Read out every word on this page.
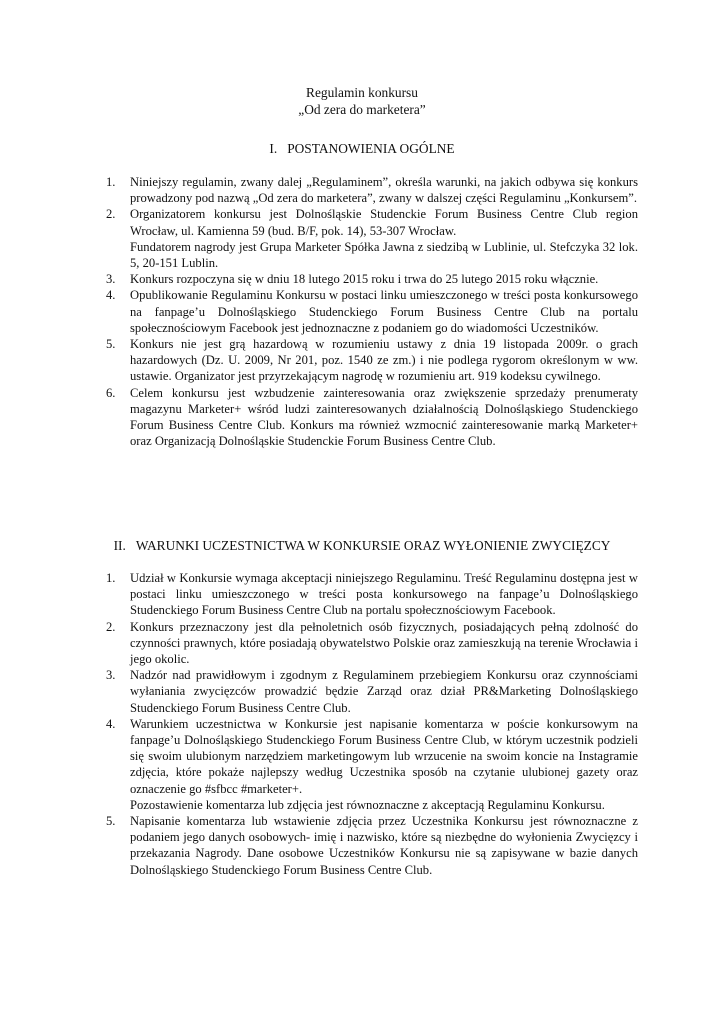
Regulamin konkursu
„Od zera do marketera”
I. POSTANOWIENIA OGÓLNE
1.	Niniejszy regulamin, zwany dalej „Regulaminem”, określa warunki, na jakich odbywa się konkurs prowadzony pod nazwą „Od zera do marketera”, zwany w dalszej części Regulaminu „Konkursem”.
2.	Organizatorem konkursu jest Dolnośląskie Studenckie Forum Business Centre Club region Wrocław, ul. Kamienna 59 (bud. B/F, pok. 14), 53-307 Wrocław.
Fundatorem nagrody jest Grupa Marketer Spółka Jawna z siedzibą w Lublinie, ul. Stefczyka 32 lok. 5, 20-151 Lublin.
3.	Konkurs rozpoczyna się w dniu 18 lutego 2015 roku i trwa do 25 lutego 2015 roku włącznie.
4.	Opublikowanie Regulaminu Konkursu w postaci linku umieszczonego w treści posta konkursowego na fanpage’u Dolnośląskiego Studenckiego Forum Business Centre Club na portalu społecznościowym Facebook jest jednoznaczne z podaniem go do wiadomości Uczestników.
5.	Konkurs nie jest grą hazardową w rozumieniu ustawy z dnia 19 listopada 2009r. o grach hazardowych (Dz. U. 2009, Nr 201, poz. 1540 ze zm.) i nie podlega rygorom określonym w ww. ustawie. Organizator jest przyrzekającym nagrodę w rozumieniu art. 919 kodeksu cywilnego.
6.	Celem konkursu jest wzbudzenie zainteresowania oraz zwiększenie sprzedaży prenumeraty magazynu Marketer+ wśród ludzi zainteresowanych działalnością Dolnośląskiego Studenckiego Forum Business Centre Club. Konkurs ma również wzmocnić zainteresowanie marką Marketer+ oraz Organizacją Dolnośląskie Studenckie Forum Business Centre Club.
II. WARUNKI UCZESTNICTWA W KONKURSIE ORAZ WYŁONIENIE ZWYCIĘZCY
1.	Udział w Konkursie wymaga akceptacji niniejszego Regulaminu. Treść Regulaminu dostępna jest w postaci linku umieszczonego w treści posta konkursowego na fanpage’u Dolnośląskiego Studenckiego Forum Business Centre Club na portalu społecznościowym Facebook.
2.	Konkurs przeznaczony jest dla pełnoletnich osób fizycznych, posiadających pełną zdolność do czynności prawnych, które posiadają obywatelstwo Polskie oraz zamieszkują na terenie Wrocławia i jego okolic.
3.	Nadzór nad prawidłowym i zgodnym z Regulaminem przebiegiem Konkursu oraz czynnościami wyłaniania zwycięzców prowadzić będzie Zarząd oraz dział PR&Marketing Dolnośląskiego Studenckiego Forum Business Centre Club.
4.	Warunkiem uczestnictwa w Konkursie jest napisanie komentarza w poście konkursowym na fanpage’u Dolnośląskiego Studenckiego Forum Business Centre Club, w którym uczestnik podzieli się swoim ulubionym narzędziem marketingowym lub wrzucenie na swoim koncie na Instagramie zdjęcia, które pokaże najlepszy według Uczestnika sposób na czytanie ulubionej gazety oraz oznaczenie go #sfbcc #marketer+.
Pozostawienie komentarza lub zdjęcia jest równoznaczne z akceptacją Regulaminu Konkursu.
5.	Napisanie komentarza lub wstawienie zdjęcia przez Uczestnika Konkursu jest równoznaczne z podaniem jego danych osobowych- imię i nazwisko, które są niezbędne do wyłonienia Zwycięzcy i przekazania Nagrody. Dane osobowe Uczestników Konkursu nie są zapisywane w bazie danych Dolnośląskiego Studenckiego Forum Business Centre Club.
